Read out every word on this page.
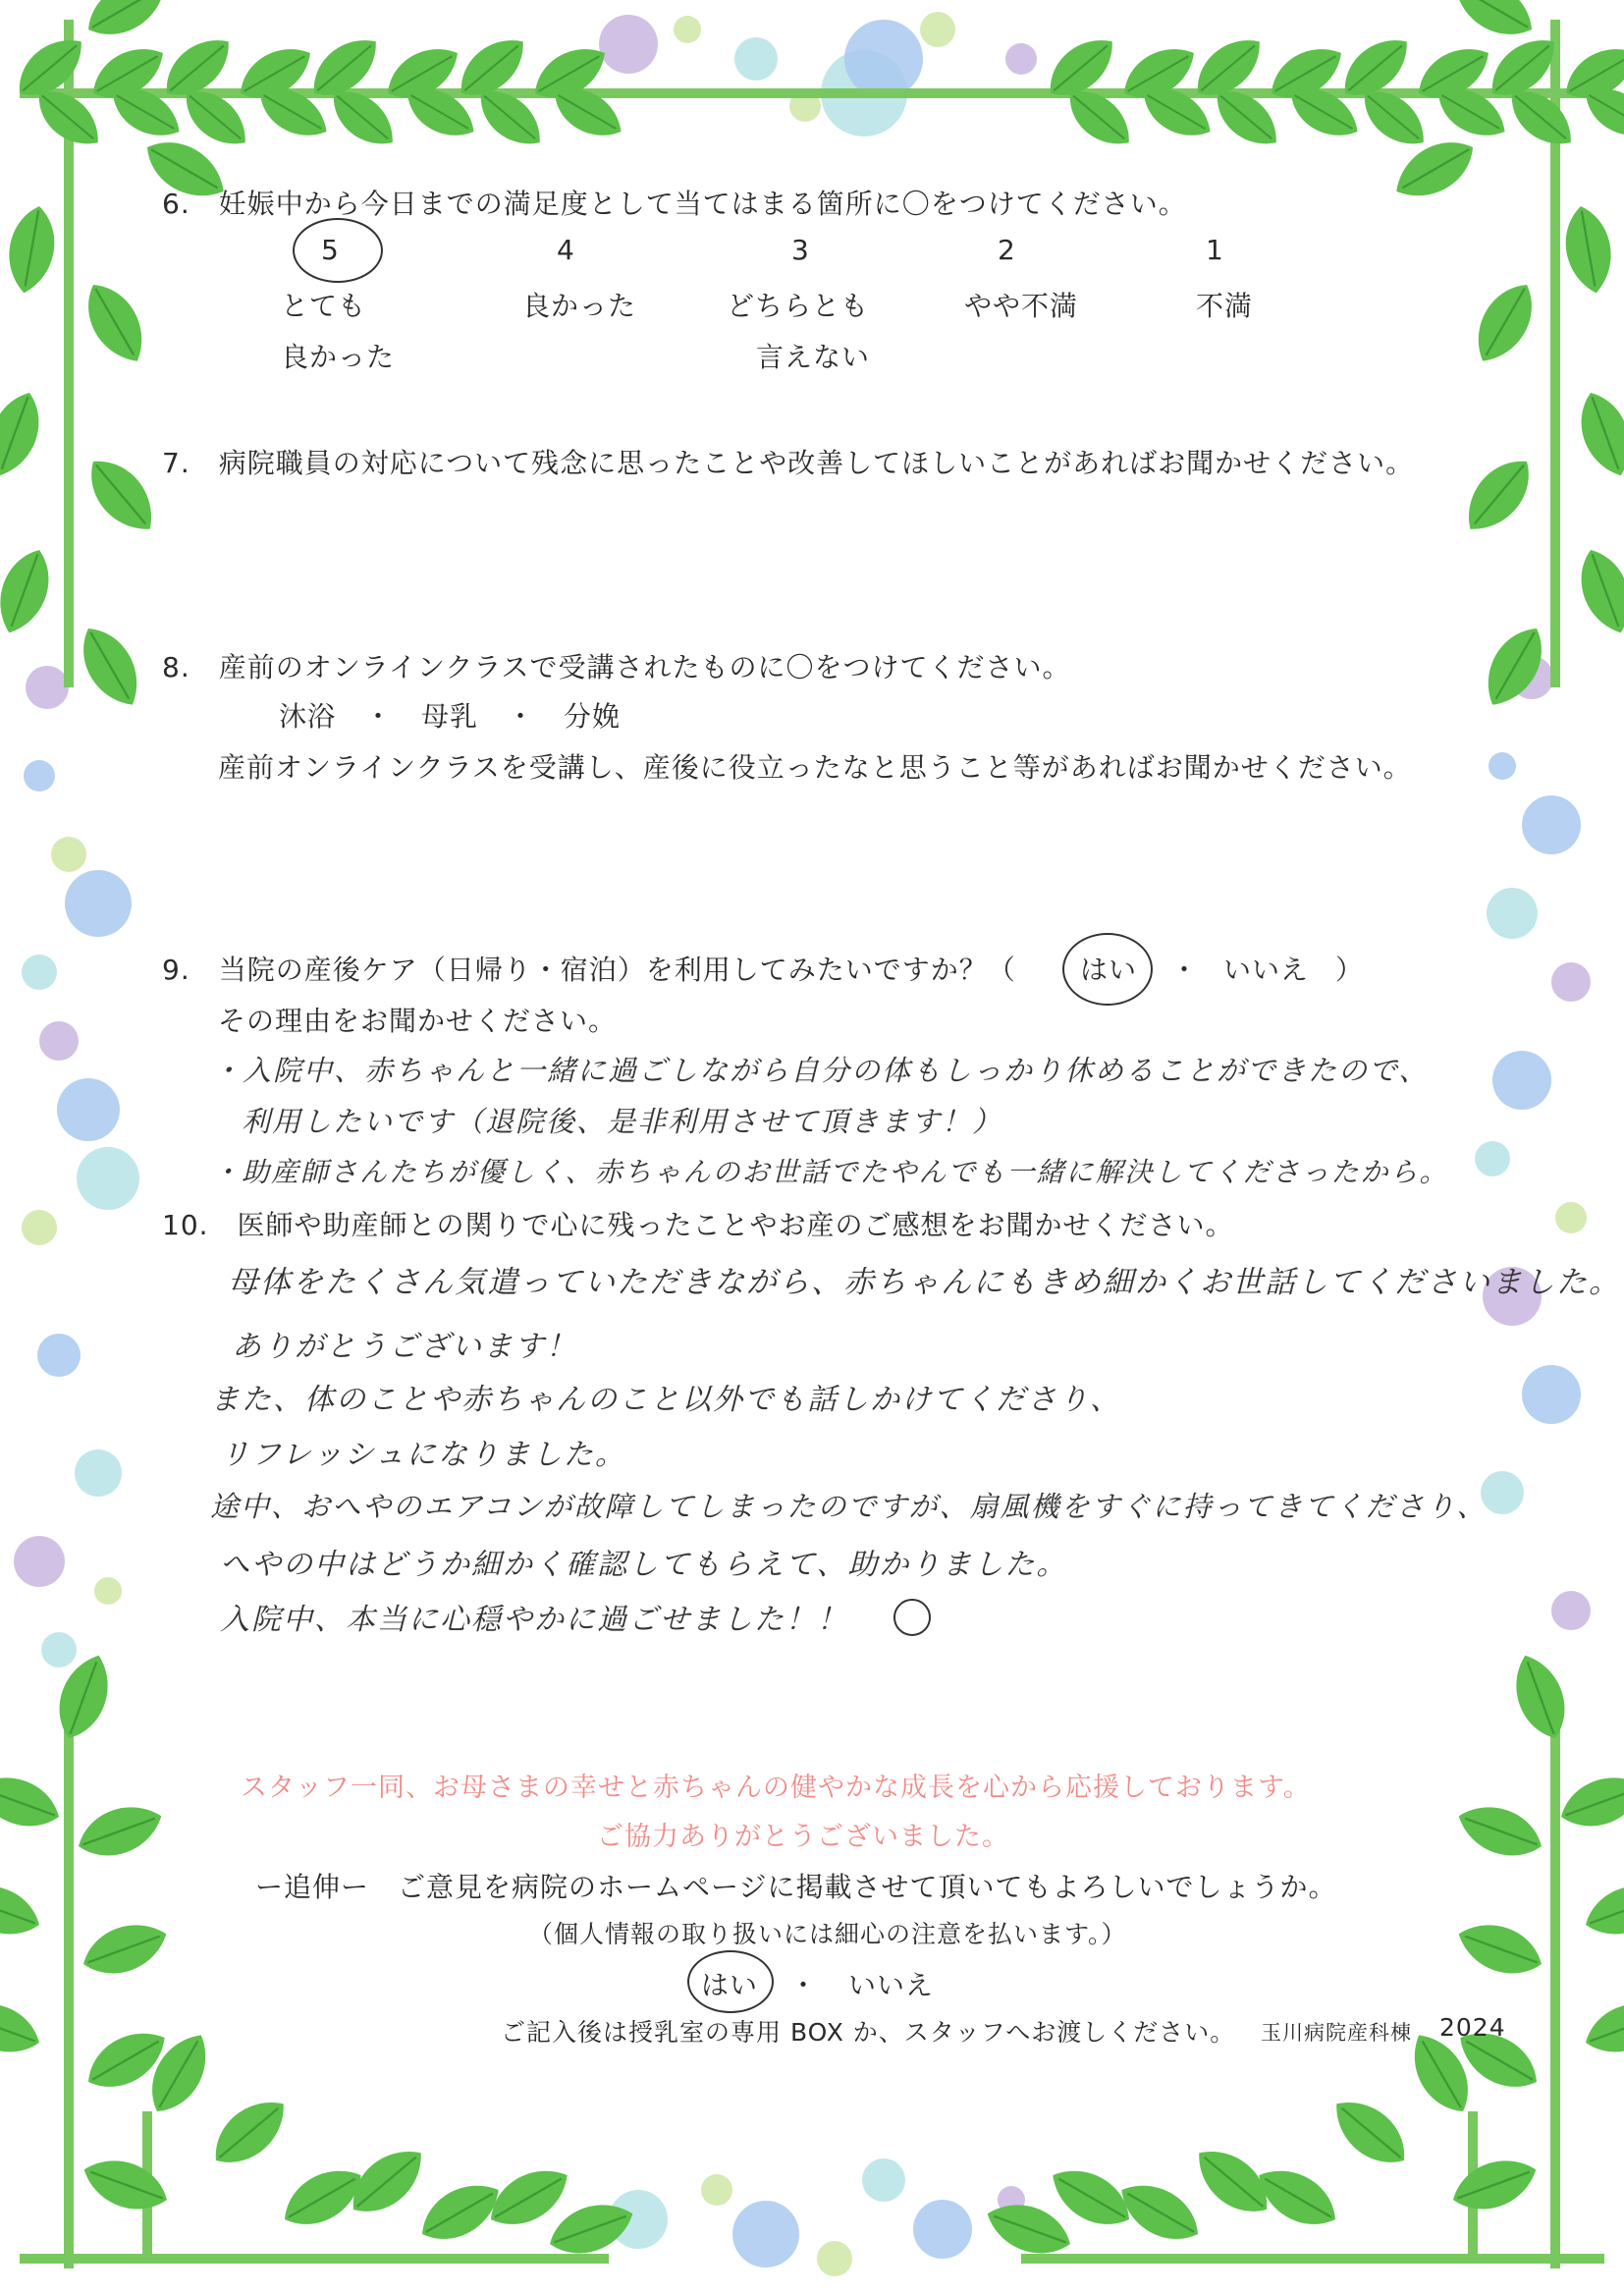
6.　妊娠中から今日までの満足度として当てはまる箇所に〇をつけてください。
5
とても
良かった
4
良かった
3
どちらとも
言えない
2
やや不満
1
不満
7.　病院職員の対応について残念に思ったことや改善してほしいことがあればお聞かせください。
8.　産前のオンラインクラスで受講されたものに〇をつけてください。
沐浴　・　母乳　・　分娩
産前オンラインクラスを受講し、産後に役立ったなと思うこと等があればお聞かせください。
9.　当院の産後ケア（日帰り・宿泊）を利用してみたいですか？（ はい ・ いいえ ）
その理由をお聞かせください。
・入院中、赤ちゃんと一緒に過ごしながら自分の体もしっかり休めることができたので、
利用したいです（退院後、是非利用させて頂きます！）
・助産師さんたちが優しく、赤ちゃんのお世話でたやんでも一緒に解決してくださったから。
10.　医師や助産師との関りで心に残ったことやお産のご感想をお聞かせください。
母体をたくさん気遣っていただきながら、赤ちゃんにもきめ細かくお世話してくださいました。
ありがとうございます！
また、体のことや赤ちゃんのこと以外でも話しかけてくださり、
リフレッシュになりました。
途中、おへやのエアコンが故障してしまったのですが、扇風機をすぐに持ってきてくださり、
へやの中はどうか細かく確認してもらえて、助かりました。
入院中、本当に心穏やかに過ごせました！！
スタッフ一同、お母さまの幸せと赤ちゃんの健やかな成長を心から応援しております。
ご協力ありがとうございました。
ー追伸ー　ご意見を病院のホームページに掲載させて頂いてもよろしいでしょうか。
（個人情報の取り扱いには細心の注意を払います。）
はい ・ いいえ
ご記入後は授乳室の専用 BOX か、スタッフへお渡しください。 玉川病院産科棟 2024
